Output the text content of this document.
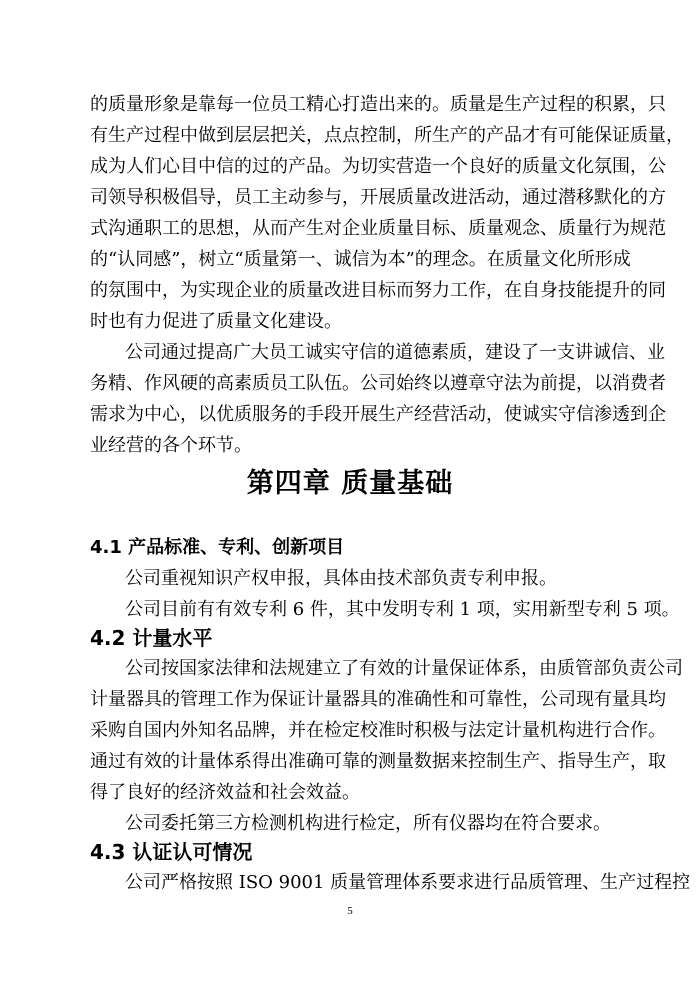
的质量形象是靠每一位员工精心打造出来的。质量是生产过程的积累，只
有生产过程中做到层层把关，点点控制，所生产的产品才有可能保证质量，
成为人们心目中信的过的产品。为切实营造一个良好的质量文化氛围，公
司领导积极倡导，员工主动参与，开展质量改进活动，通过潜移默化的方
式沟通职工的思想，从而产生对企业质量目标、质量观念、质量行为规范
的“认同感”，树立“质量第一、诚信为本”的理念。在质量文化所形成
的氛围中，为实现企业的质量改进目标而努力工作，在自身技能提升的同
时也有力促进了质量文化建设。
公司通过提高广大员工诚实守信的道德素质，建设了一支讲诚信、业
务精、作风硬的高素质员工队伍。公司始终以遵章守法为前提，以消费者
需求为中心，以优质服务的手段开展生产经营活动，使诚实守信渗透到企
业经营的各个环节。
第四章 质量基础
4.1 产品标准、专利、创新项目
公司重视知识产权申报，具体由技术部负责专利申报。
公司目前有有效专利 6 件，其中发明专利 1 项，实用新型专利 5 项。
4.2 计量水平
公司按国家法律和法规建立了有效的计量保证体系，由质管部负责公司
计量器具的管理工作为保证计量器具的准确性和可靠性，公司现有量具均
采购自国内外知名品牌，并在检定校准时积极与法定计量机构进行合作。
通过有效的计量体系得出准确可靠的测量数据来控制生产、指导生产，取
得了良好的经济效益和社会效益。
公司委托第三方检测机构进行检定，所有仪器均在符合要求。
4.3 认证认可情况
公司严格按照 ISO 9001 质量管理体系要求进行品质管理、生产过程控
5
